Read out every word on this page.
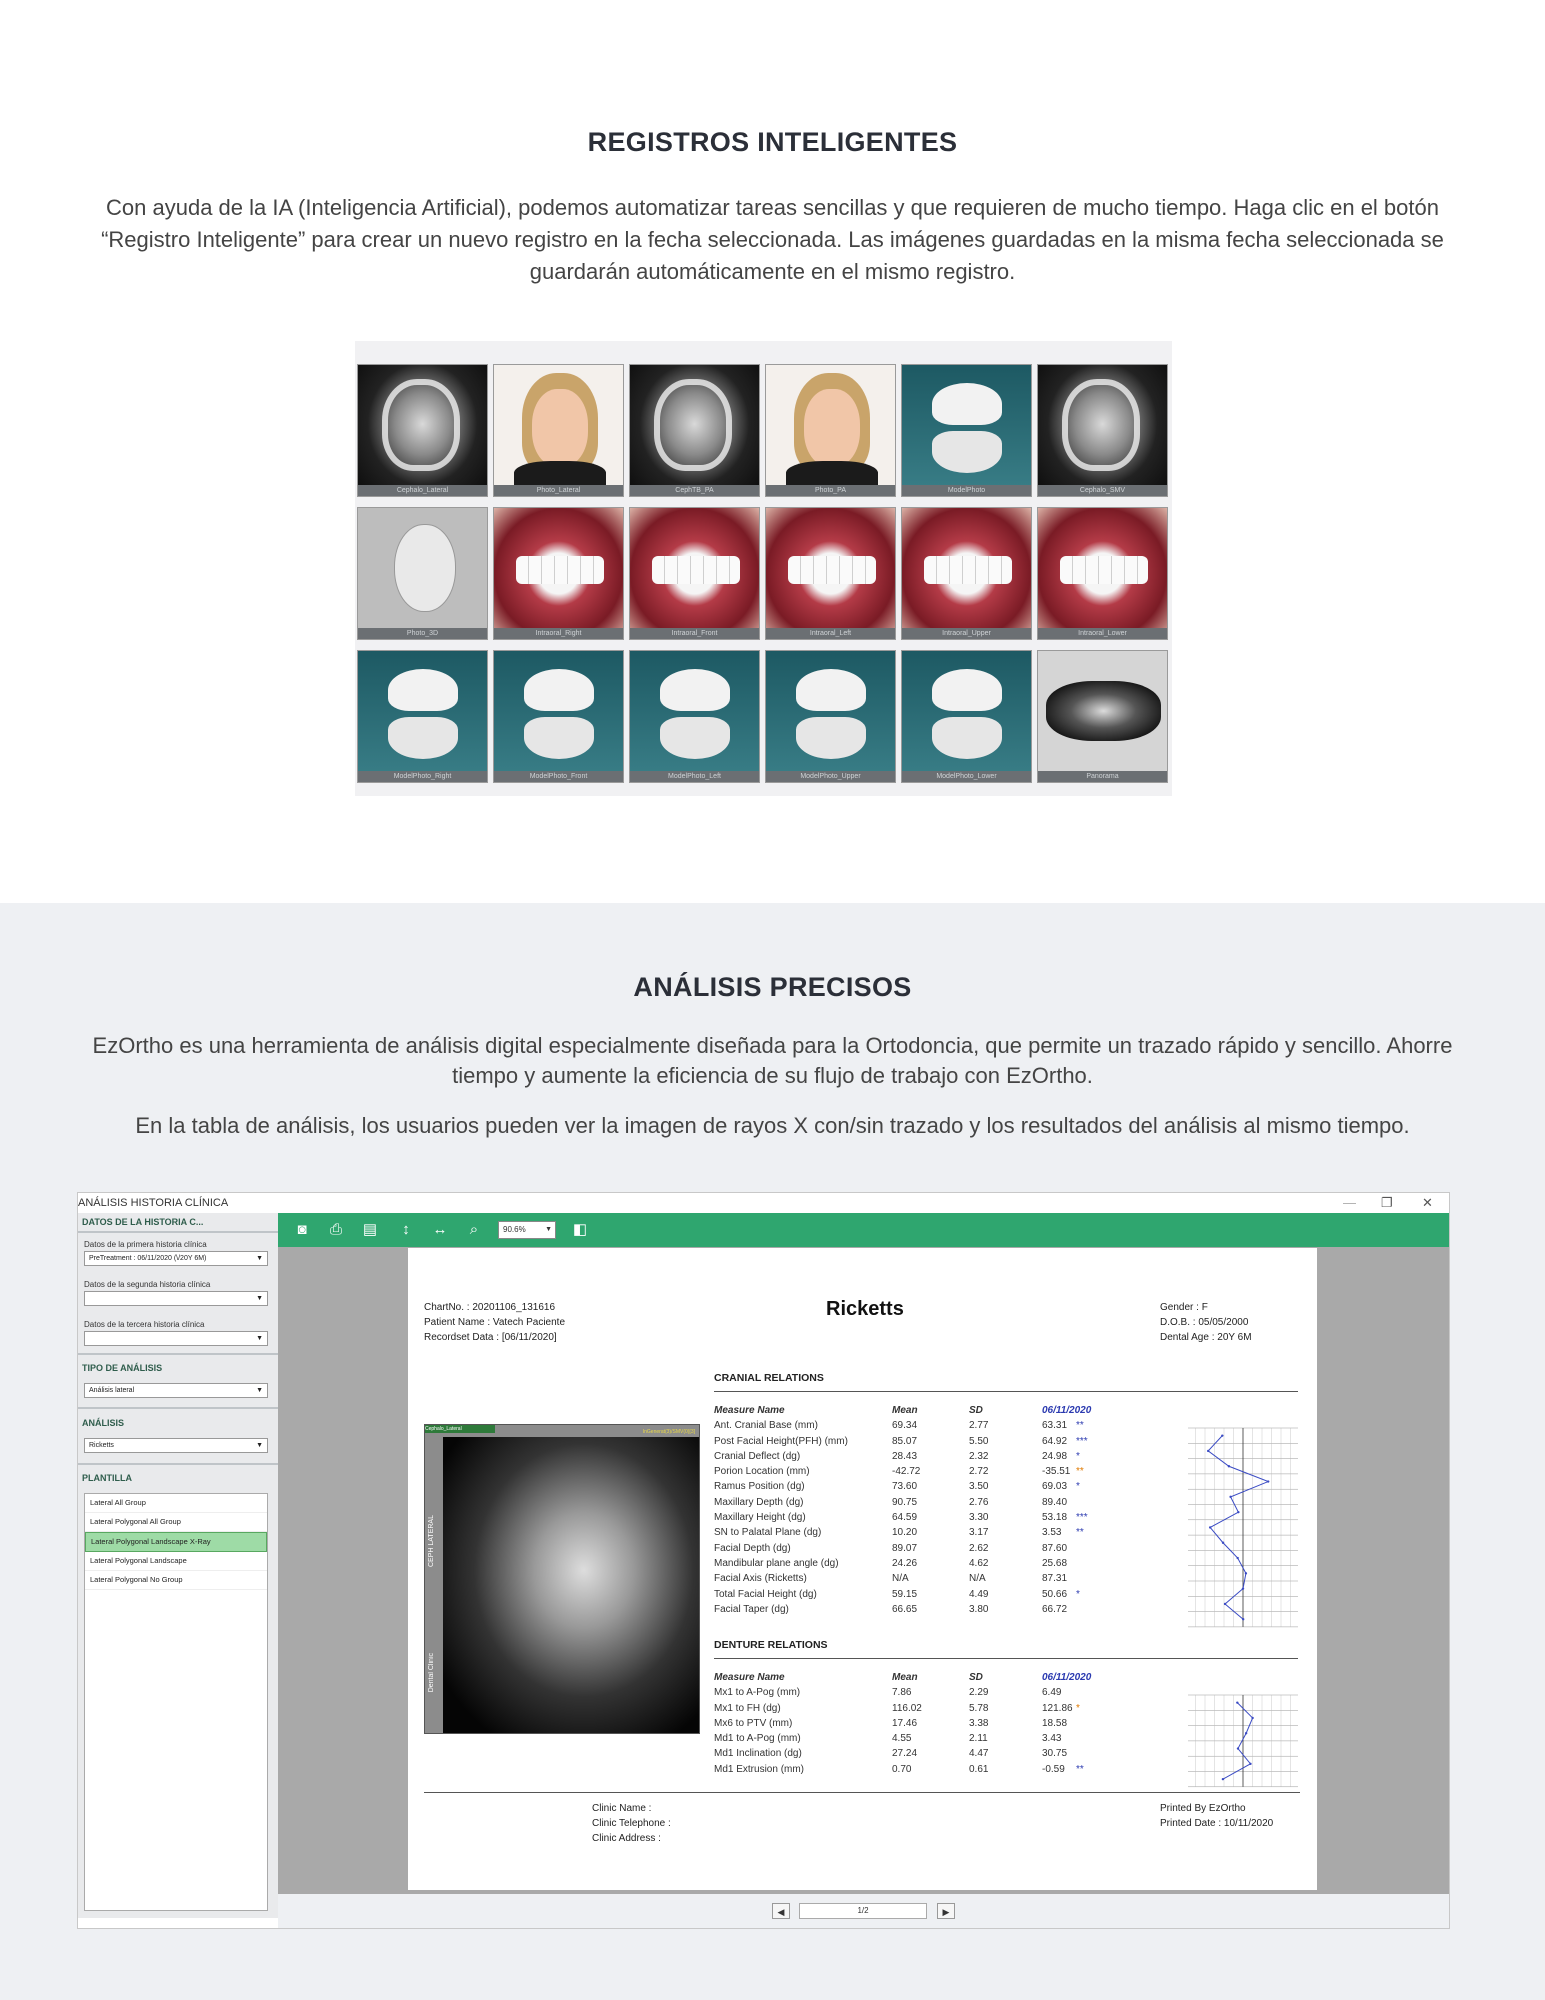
REGISTROS INTELIGENTES
Con ayuda de la IA (Inteligencia Artificial), podemos automatizar tareas sencillas y que requieren de mucho tiempo. Haga clic en el botón “Registro Inteligente” para crear un nuevo registro en la fecha seleccionada. Las imágenes guardadas en la misma fecha seleccionada se guardarán automáticamente en el mismo registro.
Cephalo_Lateral	Photo_Lateral	CephTB_PA	Photo_PA	ModelPhoto	Cephalo_SMV
Photo_3D	Intraoral_Right	Intraoral_Front	Intraoral_Left	Intraoral_Upper	Intraoral_Lower
ModelPhoto_Right	ModelPhoto_Front	ModelPhoto_Left	ModelPhoto_Upper	ModelPhoto_Lower	Panorama
ANÁLISIS PRECISOS
EzOrtho es una herramienta de análisis digital especialmente diseñada para la Ortodoncia, que permite un trazado rápido y sencillo. Ahorre tiempo y aumente la eficiencia de su flujo de trabajo con EzOrtho.
En la tabla de análisis, los usuarios pueden ver la imagen de rayos X con/sin trazado y los resultados del análisis al mismo tiempo.
ANÁLISIS HISTORIA CLÍNICA	— ❐ ✕
DATOS DE LA HISTORIA C...
Datos de la primera historia clínica
PreTreatment : 06/11/2020 (\/20Y 6M) ▼
Datos de la segunda historia clínica
▼
Datos de la tercera historia clínica
▼
TIPO DE ANÁLISIS
Análisis lateral ▼
ANÁLISIS
Ricketts ▼
PLANTILLA
Lateral All Group
Lateral Polygonal All Group
Lateral Polygonal Landscape X-Ray
Lateral Polygonal Landscape
Lateral Polygonal No Group
◙	⎙ ▤	↕	↔	⌕	90.6% ▼	◧
ChartNo. : 20201106_131616
Patient Name : Vatech Paciente
Recordset Data : [06/11/2020]
Ricketts	Gender : F
D.O.B. : 05/05/2000
Dental Age : 20Y 6M
Cephalo_Lateral	InGenerat(3)/SMV(0)[3]
CEPH LATERAL
Dental Clinic
CRANIAL RELATIONS
Measure Name	Mean	SD	06/11/2020
Ant. Cranial Base (mm)	69.34	2.77	63.31 **
Post Facial Height(PFH) (mm)	85.07	5.50	64.92 ***
Cranial Deflect (dg)	28.43	2.32	24.98 *
Porion Location (mm)	-42.72	2.72	-35.51 **
Ramus Position (dg)	73.60	3.50	69.03 *
Maxillary Depth (dg)	90.75	2.76	89.40
Maxillary Height (dg)	64.59	3.30	53.18 ***
SN to Palatal Plane (dg)	10.20	3.17	3.53 **
Facial Depth (dg)	89.07	2.62	87.60
Mandibular plane angle (dg)	24.26	4.62	25.68
Facial Axis (Ricketts)	N/A	N/A	87.31
Total Facial Height (dg)	59.15	4.49	50.66 *
Facial Taper (dg)	66.65	3.80	66.72
DENTURE RELATIONS
Measure Name	Mean	SD	06/11/2020
Mx1 to A-Pog (mm)	7.86	2.29	6.49
Mx1 to FH (dg)	116.02	5.78	121.86 *
Mx6 to PTV (mm)	17.46	3.38	18.58
Md1 to A-Pog (mm)	4.55	2.11	3.43
Md1 Inclination (dg)	27.24	4.47	30.75
Md1 Extrusion (mm)	0.70	0.61	-0.59 **
Clinic Name :
Clinic Telephone :
Clinic Address :
Printed By EzOrtho
Printed Date : 10/11/2020
◀	1/2	▶
